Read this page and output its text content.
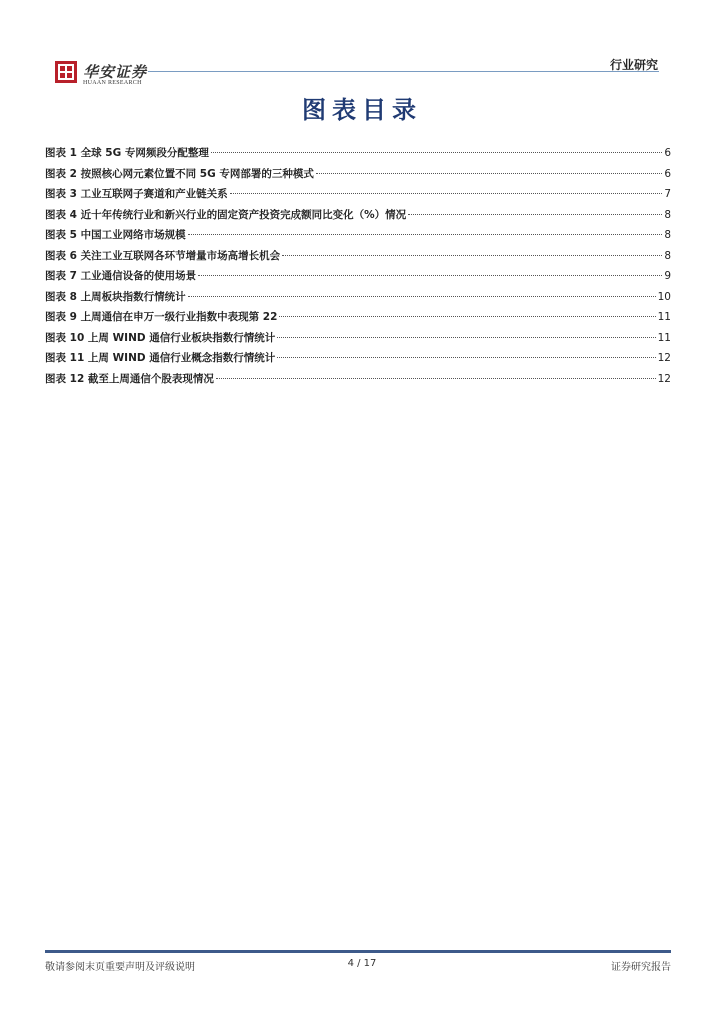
华安证券
HUAAN RESEARCH
行业研究
图表目录
图表 1 全球 5G 专网频段分配整理	6
图表 2 按照核心网元素位置不同 5G 专网部署的三种模式	6
图表 3 工业互联网子赛道和产业链关系	7
图表 4 近十年传统行业和新兴行业的固定资产投资完成额同比变化（%）情况	8
图表 5 中国工业网络市场规模	8
图表 6 关注工业互联网各环节增量市场高增长机会	8
图表 7 工业通信设备的使用场景	9
图表 8 上周板块指数行情统计	10
图表 9 上周通信在申万一级行业指数中表现第 22	11
图表 10 上周 WIND 通信行业板块指数行情统计	11
图表 11 上周 WIND 通信行业概念指数行情统计	12
图表 12 截至上周通信个股表现情况	12
敬请参阅末页重要声明及评级说明	4 / 17	证券研究报告
